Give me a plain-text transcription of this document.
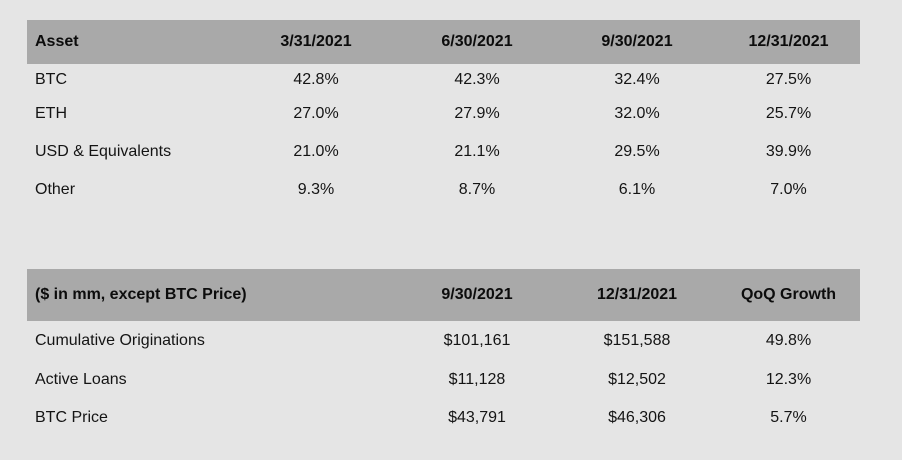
Asset	3/31/2021	6/30/2021	9/30/2021	12/31/2021
BTC	42.8%	42.3%	32.4%	27.5%
ETH	27.0%	27.9%	32.0%	25.7%
USD & Equivalents	21.0%	21.1%	29.5%	39.9%
Other	9.3%	8.7%	6.1%	7.0%
($ in mm, except BTC Price)	9/30/2021	12/31/2021	QoQ Growth
Cumulative Originations	$101,161	$151,588	49.8%
Active Loans	$11,128	$12,502	12.3%
BTC Price	$43,791	$46,306	5.7%
